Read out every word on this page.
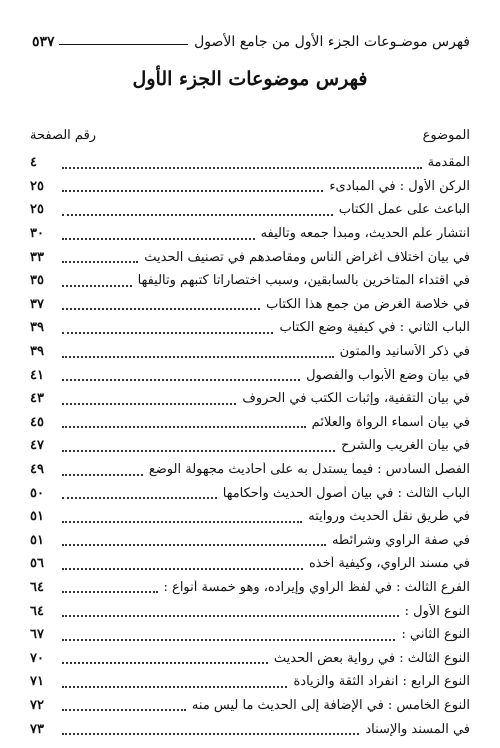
فهرس موضـوعات الجزء الأول من جامع الأصول
٥٣٧
فهرس موضوعات الجزء الأول
الموضوع
رقم الصفحة
المقدمة
٤
الركن الأول : في المبادىء
٢٥
الباعث على عمل الكتاب
٢٥
انتشار علم الحديث، ومبدأ جمعه وتأليفه
٣٠
في بيان اختلاف أغراض الناس ومقاصدهم في تصنيف الحديث
٣٣
في اقتداء المتأخرين بالسابقين، وسبب اختصاراتا كتبهم وتأليفها
٣٥
في خلاصة الغرض من جمع هذا الكتاب
٣٧
الباب الثاني : في كيفية وضع الكتاب
٣٩
في ذكر الأسانيد والمتون
٣٩
في بيان وضع الأبواب والفصول
٤١
في بيان التقفية، وإثبات الكتب في الحروف
٤٣
في بيان أسماء الرواة والعلائم
٤٥
في بيان الغريب والشرح
٤٧
الفصل السادس : فيما يستدل به على أحاديث مجهولة الوضع
٤٩
الباب الثالث : في بيان أصول الحديث وأحكامها
٥٠
في طريق نقل الحديث وروايته
٥١
في صفة الراوي وشرائطه
٥١
في مسند الراوي، وكيفية أخذه
٥٦
الفرع الثالث : في لفظ الراوي وإيراده، وهو خمسة أنواع :
٦٤
النوع الأول :
٦٤
النوع الثاني :
٦٧
النوع الثالث : في رواية بعض الحديث
٧٠
النوع الرابع : انفراد الثقة والزيادة
٧١
النوع الخامس : في الإضافة إلى الحديث ما ليس منه
٧٢
في المسند والإسناد
٧٣
